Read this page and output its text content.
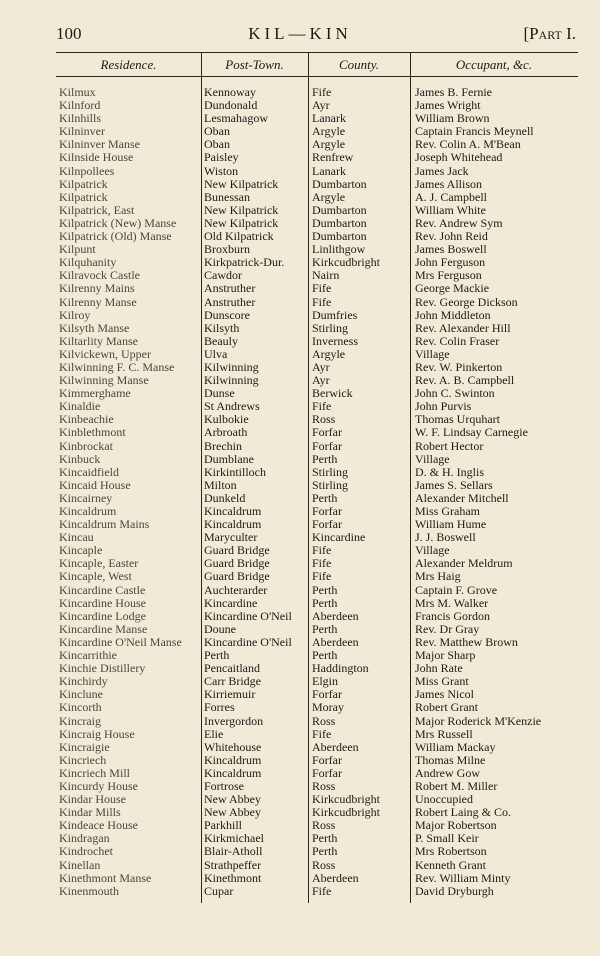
100	KIL—KIN	[Part I.
Residence.	Post-Town.	County.	Occupant, &c.
Kilmux	Kennoway	Fife	James B. Fernie
Kilnford	Dundonald	Ayr	James Wright
Kilnhills	Lesmahagow	Lanark	William Brown
Kilninver	Oban	Argyle	Captain Francis Meynell
Kilninver Manse	Oban	Argyle	Rev. Colin A. M'Bean
Kilnside House	Paisley	Renfrew	Joseph Whitehead
Kilnpollees	Wiston	Lanark	James Jack
Kilpatrick	New Kilpatrick	Dumbarton	James Allison
Kilpatrick	Bunessan	Argyle	A. J. Campbell
Kilpatrick, East	New Kilpatrick	Dumbarton	William White
Kilpatrick (New) Manse	New Kilpatrick	Dumbarton	Rev. Andrew Sym
Kilpatrick (Old) Manse	Old Kilpatrick	Dumbarton	Rev. John Reid
Kilpunt	Broxburn	Linlithgow	James Boswell
Kilquhanity	Kirkpatrick-Dur.	Kirkcudbright	John Ferguson
Kilravock Castle	Cawdor	Nairn	Mrs Ferguson
Kilrenny Mains	Anstruther	Fife	George Mackie
Kilrenny Manse	Anstruther	Fife	Rev. George Dickson
Kilroy	Dunscore	Dumfries	John Middleton
Kilsyth Manse	Kilsyth	Stirling	Rev. Alexander Hill
Kiltarlity Manse	Beauly	Inverness	Rev. Colin Fraser
Kilvickewn, Upper	Ulva	Argyle	Village
Kilwinning F. C. Manse	Kilwinning	Ayr	Rev. W. Pinkerton
Kilwinning Manse	Kilwinning	Ayr	Rev. A. B. Campbell
Kimmerghame	Dunse	Berwick	John C. Swinton
Kinaldie	St Andrews	Fife	John Purvis
Kinbeachie	Kulbokie	Ross	Thomas Urquhart
Kinblethmont	Arbroath	Forfar	W. F. Lindsay Carnegie
Kinbrockat	Brechin	Forfar	Robert Hector
Kinbuck	Dumblane	Perth	Village
Kincaidfield	Kirkintilloch	Stirling	D. & H. Inglis
Kincaid House	Milton	Stirling	James S. Sellars
Kincairney	Dunkeld	Perth	Alexander Mitchell
Kincaldrum	Kincaldrum	Forfar	Miss Graham
Kincaldrum Mains	Kincaldrum	Forfar	William Hume
Kincau	Maryculter	Kincardine	J. J. Boswell
Kincaple	Guard Bridge	Fife	Village
Kincaple, Easter	Guard Bridge	Fife	Alexander Meldrum
Kincaple, West	Guard Bridge	Fife	Mrs Haig
Kincardine Castle	Auchterarder	Perth	Captain F. Grove
Kincardine House	Kincardine	Perth	Mrs M. Walker
Kincardine Lodge	Kincardine O'Neil	Aberdeen	Francis Gordon
Kincardine Manse	Doune	Perth	Rev. Dr Gray
Kincardine O'Neil Manse	Kincardine O'Neil	Aberdeen	Rev. Matthew Brown
Kincarrithie	Perth	Perth	Major Sharp
Kinchie Distillery	Pencaitland	Haddington	John Rate
Kinchirdy	Carr Bridge	Elgin	Miss Grant
Kinclune	Kirriemuir	Forfar	James Nicol
Kincorth	Forres	Moray	Robert Grant
Kincraig	Invergordon	Ross	Major Roderick M'Kenzie
Kincraig House	Elie	Fife	Mrs Russell
Kincraigie	Whitehouse	Aberdeen	William Mackay
Kincriech	Kincaldrum	Forfar	Thomas Milne
Kincriech Mill	Kincaldrum	Forfar	Andrew Gow
Kincurdy House	Fortrose	Ross	Robert M. Miller
Kindar House	New Abbey	Kirkcudbright	Unoccupied
Kindar Mills	New Abbey	Kirkcudbright	Robert Laing & Co.
Kindeace House	Parkhill	Ross	Major Robertson
Kindragan	Kirkmichael	Perth	P. Small Keir
Kindrochet	Blair-Atholl	Perth	Mrs Robertson
Kinellan	Strathpeffer	Ross	Kenneth Grant
Kinethmont Manse	Kinethmont	Aberdeen	Rev. William Minty
Kinenmouth	Cupar	Fife	David Dryburgh
